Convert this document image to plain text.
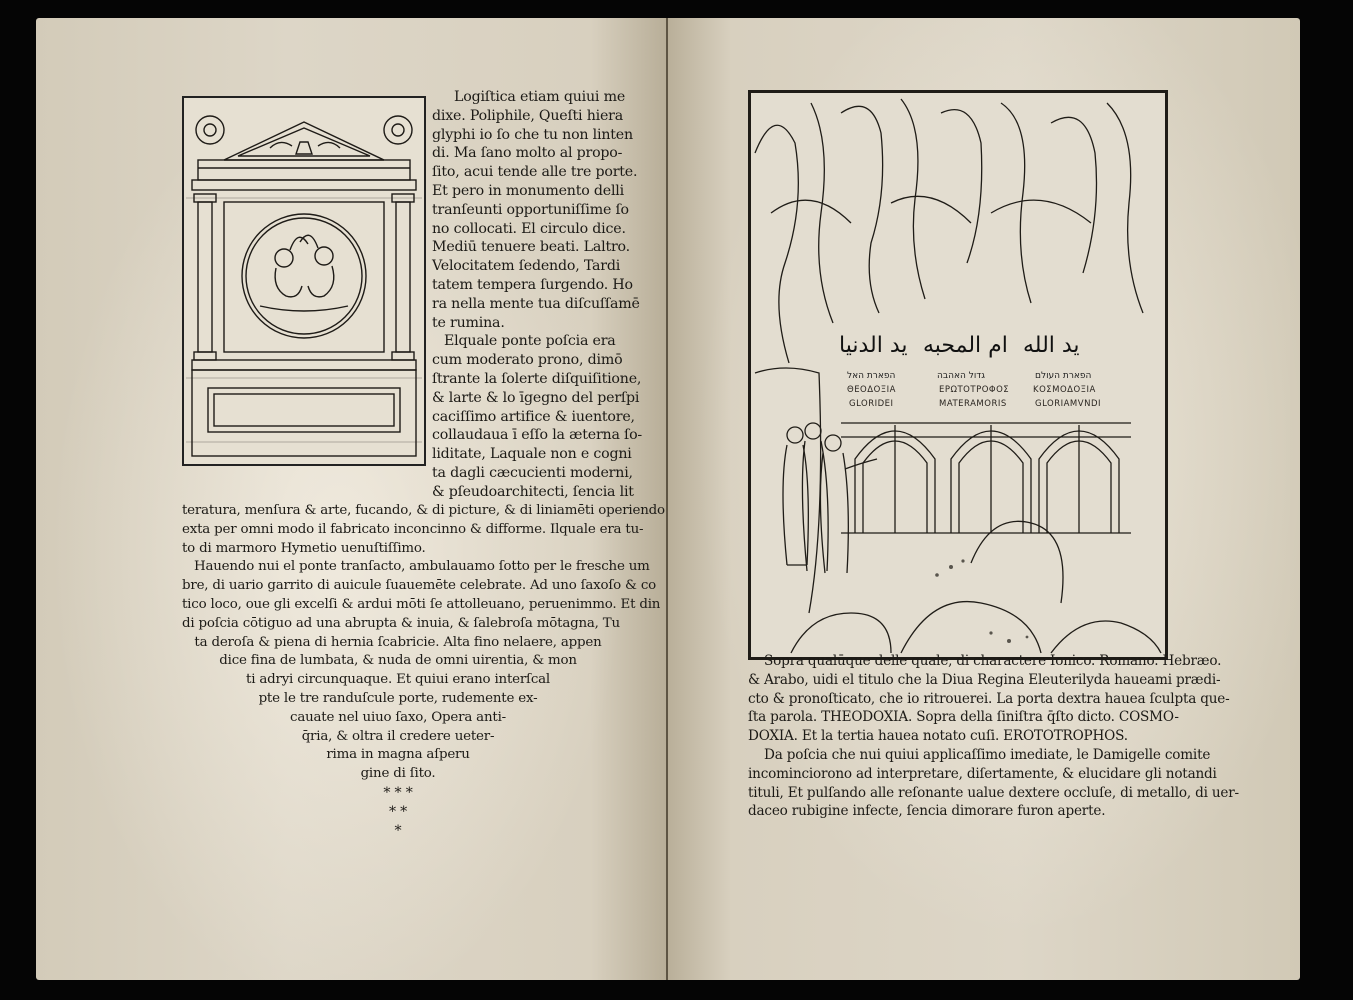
Logiſtica etiam quiui me
dixe. Poliphile, Queſti hiera
glyphi io ſo che tu non linten
di. Ma ſano molto al propo-
ſito, acui tende alle tre porte.
Et pero in monumento delli
tranſeunti opportuniſſime ſo
no collocati. El circulo dice.
Mediū tenuere beati. Laltro.
Velocitatem ſedendo, Tardi
tatem tempera ſurgendo. Ho
ra nella mente tua diſcuſſamē
te rumina.
Elquale ponte poſcia era
cum moderato prono, dimō
ſtrante la ſolerte diſquiſitione,
& larte & lo īgegno del perſpi
caciſſimo artifice & iuentore,
collaudaua ī eſſo la æterna ſo-
liditate, Laquale non e cogni
ta dagli cæcucienti moderni,
& pſeudoarchitecti, ſencia lit
teratura, menſura & arte, fucando, & di picture, & di liniamēti operiendo
exta per omni modo il fabricato inconcinno & difforme. Ilquale era tu-
to di marmoro Hymetio uenuſtiſſimo.
Hauendo nui el ponte tranſacto, ambulauamo ſotto per le fresche um
bre, di uario garrito di auicule ſuauemēte celebrate. Ad uno ſaxoſo & co
tico loco, oue gli excelſi & ardui mōti ſe attolleuano, peruenimmo. Et din
di poſcia cōtiguo ad una abrupta & inuia, & ſalebroſa mōtagna, Tu
ta deroſa & piena di hernia ſcabricie. Alta fino nelaere, appen
dice fina de lumbata, & nuda de omni uirentia, & mon
ti adryi circunquaque. Et quiui erano interſcal
pte le tre randuſcule porte, rudemente ex-
cauate nel uiuo ſaxo, Opera anti-
q̄ria, & oltra il credere ueter-
rima in magna aſperu
gine di ſito.
* * *
* *
*
يد الله
ام المحبه
يد الدنيا
הפארת העולם
גדול האהבה
הפארת האל
ΚΟΣΜΟΔΟΞΙΑ
ΕΡΩΤΟΤΡΟΦΟΣ
ΘΕΟΔΟΞΙΑ
GLORIAMVNDI
MATERAMORIS
GLORIDEI
Sopra qualūque delle quale, di charactere Ionico. Romano. Hebræo.
& Arabo, uidi el titulo che la Diua Regina Eleuterilyda haueami prædi-
cto & pronoſticato, che io ritrouerei. La porta dextra hauea ſculpta que-
ſta parola. THEODOXIA. Sopra della ſiniſtra q̄ſto dicto. COSMO-
DOXIA. Et la tertia hauea notato cuſi. EROTOTROPHOS.
Da poſcia che nui quiui applicaſſimo imediate, le Damigelle comite
incominciorono ad interpretare, diſertamente, & elucidare gli notandi
tituli, Et pulſando alle reſonante ualue dextere occluſe, di metallo, di uer-
daceo rubigine infecte, ſencia dimorare furon aperte.
